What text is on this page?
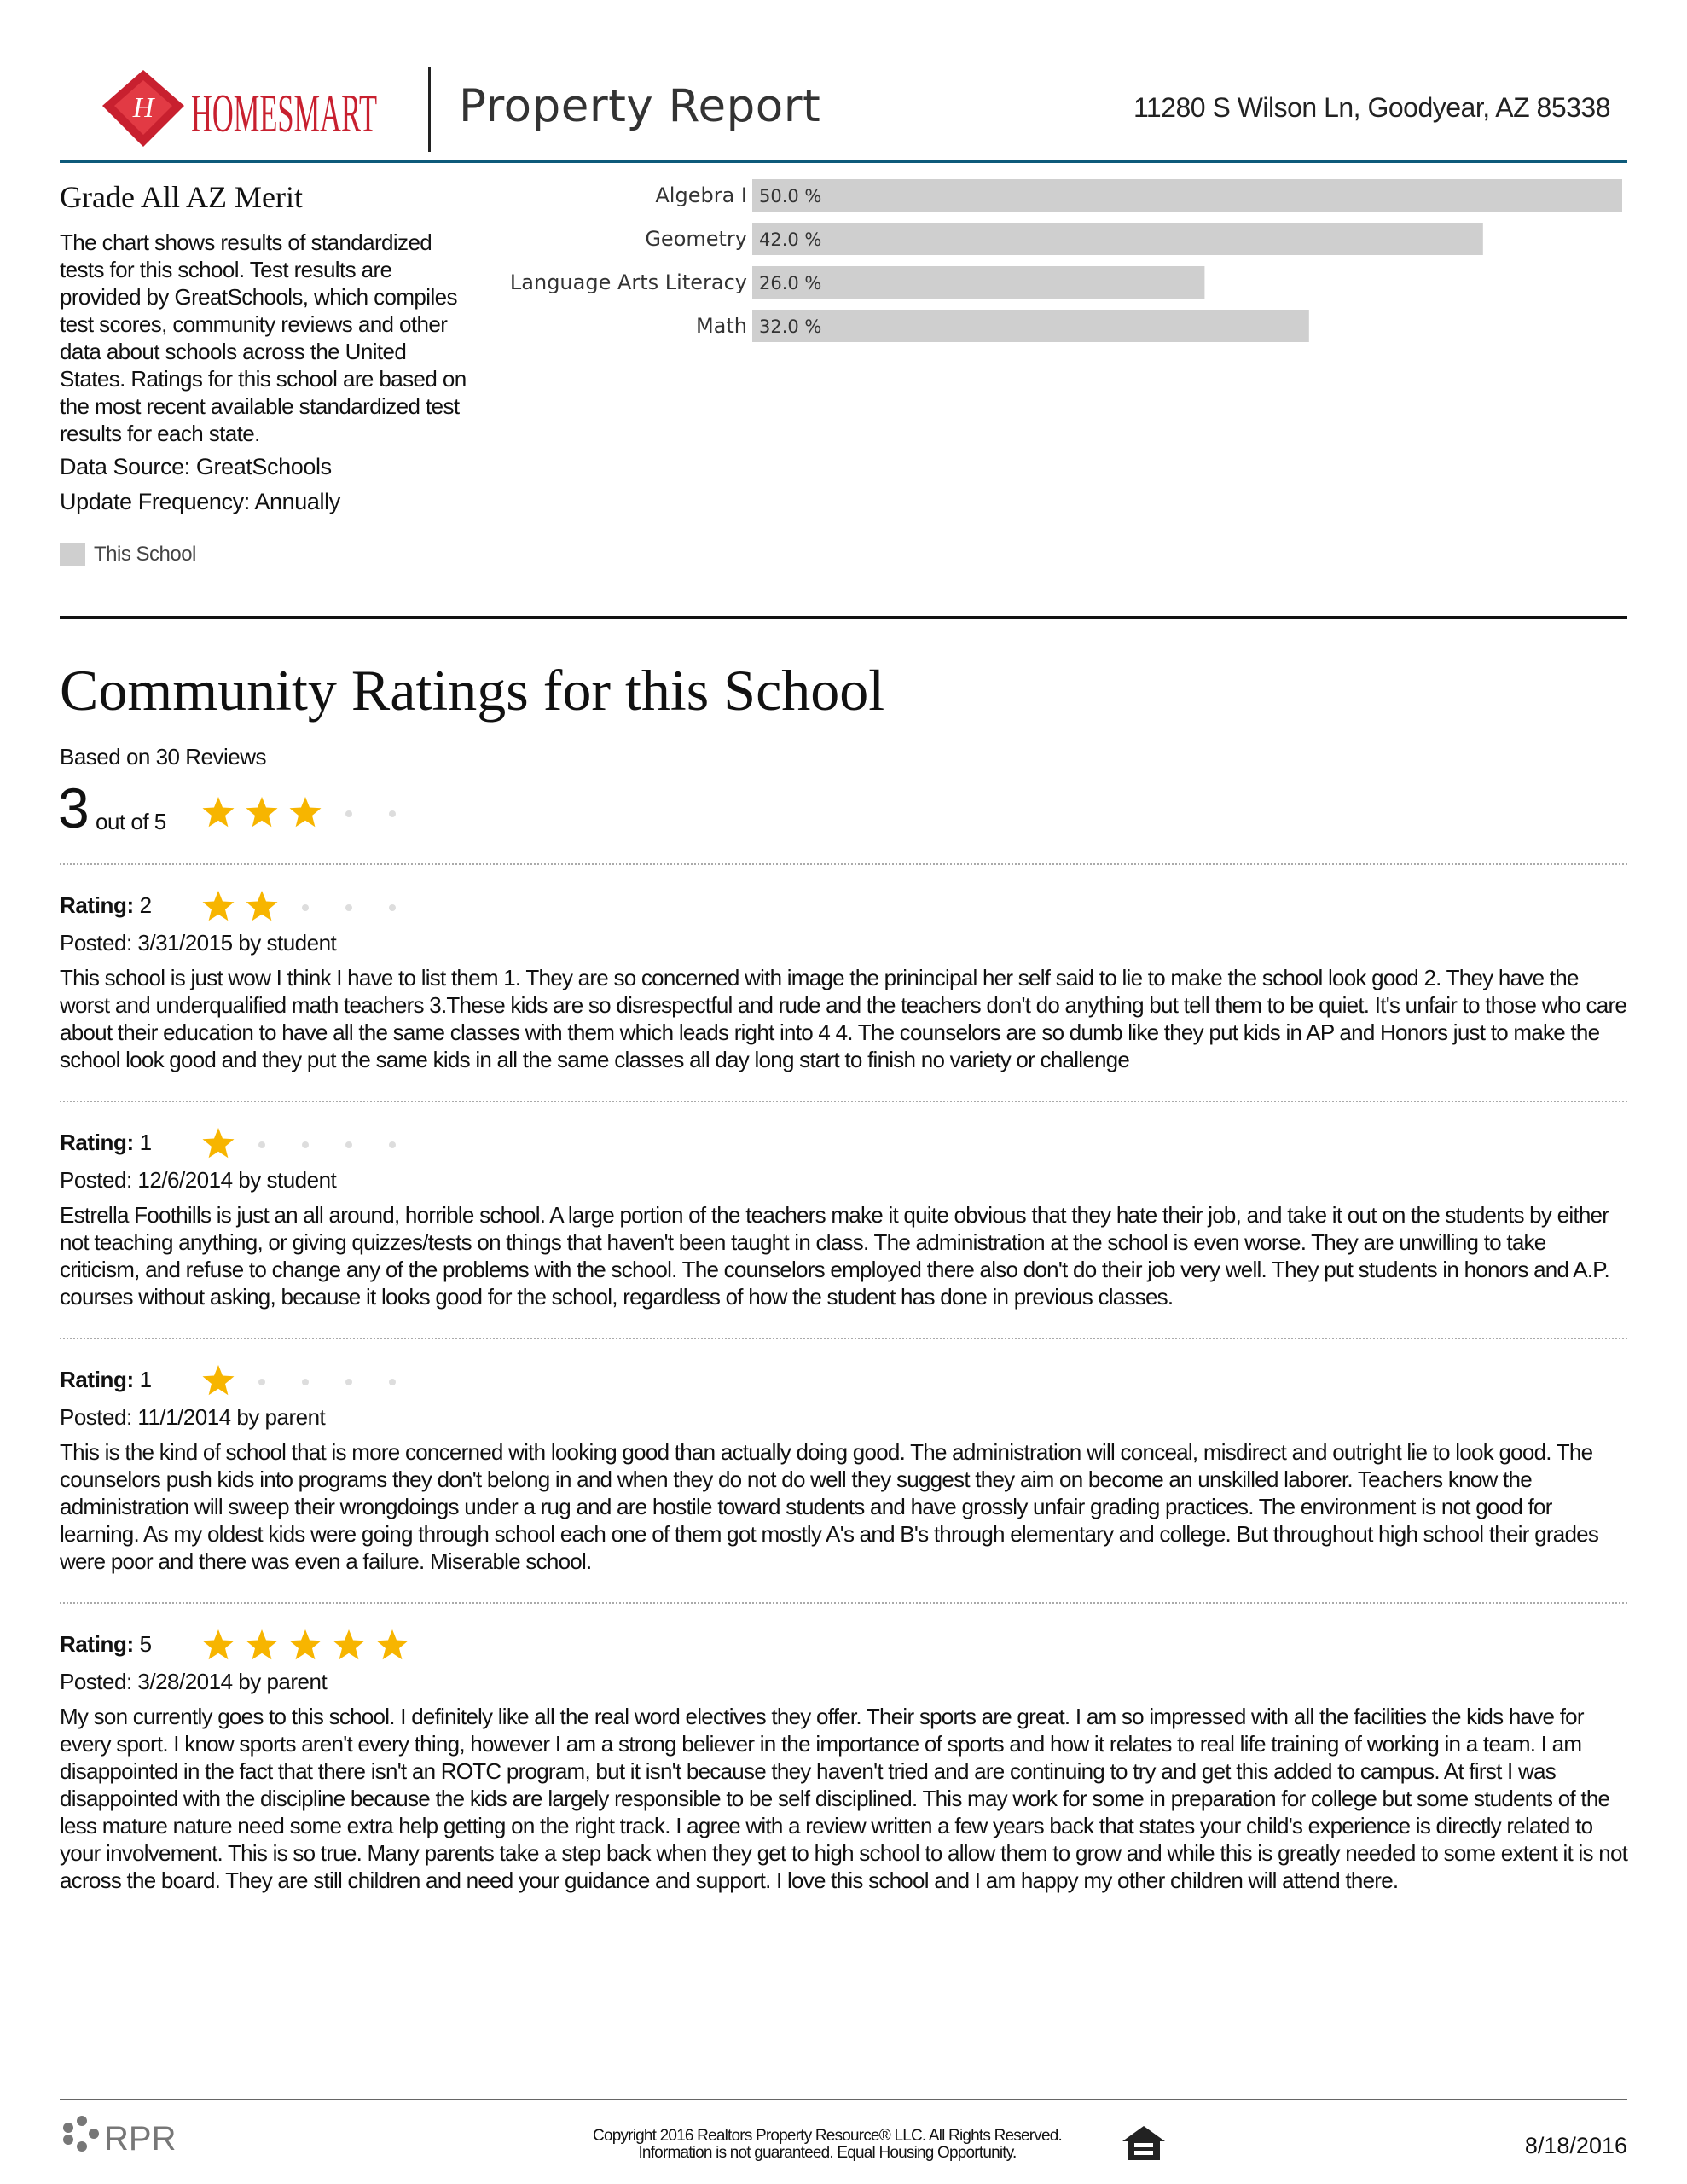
H HOMESMART Property Report	11280 S Wilson Ln, Goodyear, AZ 85338
Grade All AZ Merit
The chart shows results of standardized tests for this school. Test results are provided by GreatSchools, which compiles test scores, community reviews and other data about schools across the United States. Ratings for this school are based on the most recent available standardized test results for each state.
Data Source: GreatSchools
Update Frequency: Annually
This School
Algebra I 50.0 %
Geometry 42.0 %
Language Arts Literacy 26.0 %
Math 32.0 %
Community Ratings for this School
Based on 30 Reviews
3 out of 5
Rating: 2
Posted: 3/31/2015 by student
This school is just wow I think I have to list them 1. They are so concerned with image the prinincipal her self said to lie to make the school look good 2. They have the worst and underqualified math teachers 3.These kids are so disrespectful and rude and the teachers don't do anything but tell them to be quiet. It's unfair to those who care about their education to have all the same classes with them which leads right into 4 4. The counselors are so dumb like they put kids in AP and Honors just to make the school look good and they put the same kids in all the same classes all day long start to finish no variety or challenge
Rating: 1
Posted: 12/6/2014 by student
Estrella Foothills is just an all around, horrible school. A large portion of the teachers make it quite obvious that they hate their job, and take it out on the students by either not teaching anything, or giving quizzes/tests on things that haven't been taught in class. The administration at the school is even worse. They are unwilling to take criticism, and refuse to change any of the problems with the school. The counselors employed there also don't do their job very well. They put students in honors and A.P. courses without asking, because it looks good for the school, regardless of how the student has done in previous classes.
Rating: 1
Posted: 11/1/2014 by parent
This is the kind of school that is more concerned with looking good than actually doing good. The administration will conceal, misdirect and outright lie to look good. The counselors push kids into programs they don't belong in and when they do not do well they suggest they aim on become an unskilled laborer. Teachers know the administration will sweep their wrongdoings under a rug and are hostile toward students and have grossly unfair grading practices. The environment is not good for learning. As my oldest kids were going through school each one of them got mostly A's and B's through elementary and college. But throughout high school their grades were poor and there was even a failure. Miserable school.
Rating: 5
Posted: 3/28/2014 by parent
My son currently goes to this school. I definitely like all the real word electives they offer. Their sports are great. I am so impressed with all the facilities the kids have for every sport. I know sports aren't every thing, however I am a strong believer in the importance of sports and how it relates to real life training of working in a team. I am disappointed in the fact that there isn't an ROTC program, but it isn't because they haven't tried and are continuing to try and get this added to campus. At first I was disappointed with the discipline because the kids are largely responsible to be self disciplined. This may work for some in preparation for college but some students of the less mature nature need some extra help getting on the right track. I agree with a review written a few years back that states your child's experience is directly related to your involvement. This is so true. Many parents take a step back when they get to high school to allow them to grow and while this is greatly needed to some extent it is not across the board. They are still children and need your guidance and support. I love this school and I am happy my other children will attend there.
RPR	Copyright 2016 Realtors Property Resource® LLC. All Rights Reserved.
Information is not guaranteed. Equal Housing Opportunity.	8/18/2016
